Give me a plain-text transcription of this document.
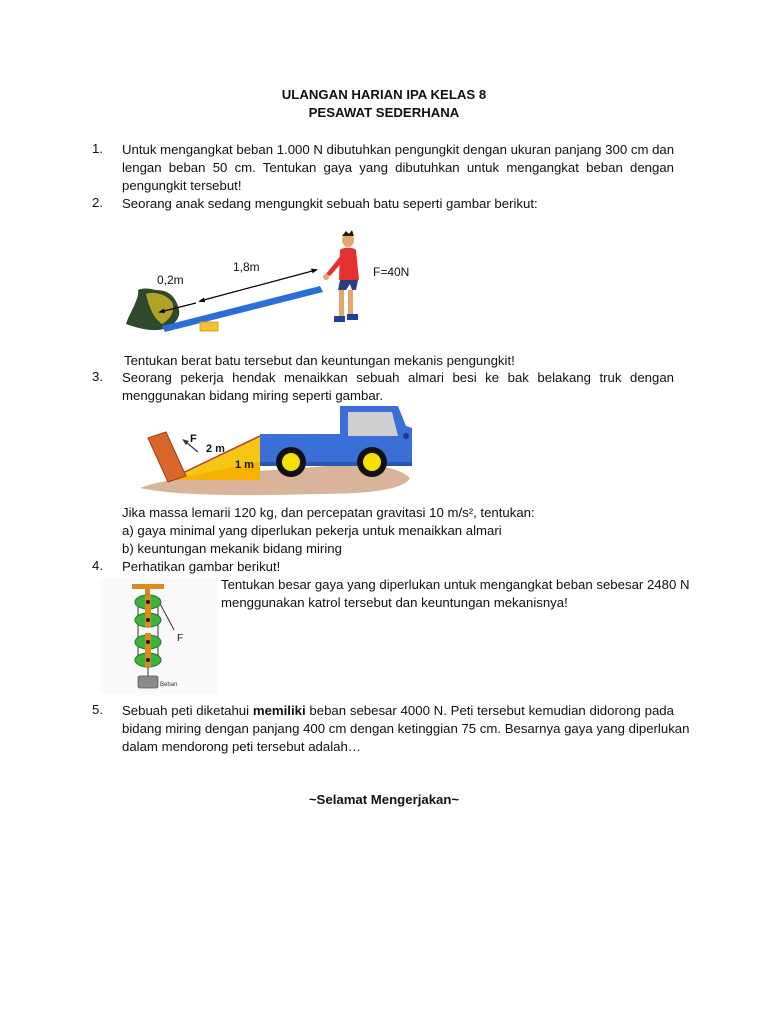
ULANGAN HARIAN IPA KELAS 8
PESAWAT SEDERHANA
1. Untuk mengangkat beban 1.000 N dibutuhkan pengungkit dengan ukuran panjang 300 cm dan
lengan beban 50 cm. Tentukan gaya yang dibutuhkan untuk mengangkat beban dengan
pengungkit tersebut!
2. Seorang anak sedang mengungkit sebuah batu seperti gambar berikut:
0,2m
1,8m	F=40N
Tentukan berat batu tersebut dan keuntungan mekanis pengungkit!
3. Seorang pekerja hendak menaikkan sebuah almari besi ke bak belakang truk dengan
menggunakan bidang miring seperti gambar.
F
2 m
1 m
Jika massa lemarii 120 kg, dan percepatan gravitasi 10 m/s², tentukan:
a) gaya minimal yang diperlukan pekerja untuk menaikkan almari
b) keuntungan mekanik bidang miring
4. Perhatikan gambar berikut!
Tentukan besar gaya yang diperlukan untuk mengangkat beban sebesar 2480 N
menggunakan katrol tersebut dan keuntungan mekanisnya!
F
Beban
5. Sebuah peti diketahui memiliki beban sebesar 4000 N. Peti tersebut kemudian didorong pada
bidang miring dengan panjang 400 cm dengan ketinggian 75 cm. Besarnya gaya yang diperlukan
dalam mendorong peti tersebut adalah…
~Selamat Mengerjakan~
